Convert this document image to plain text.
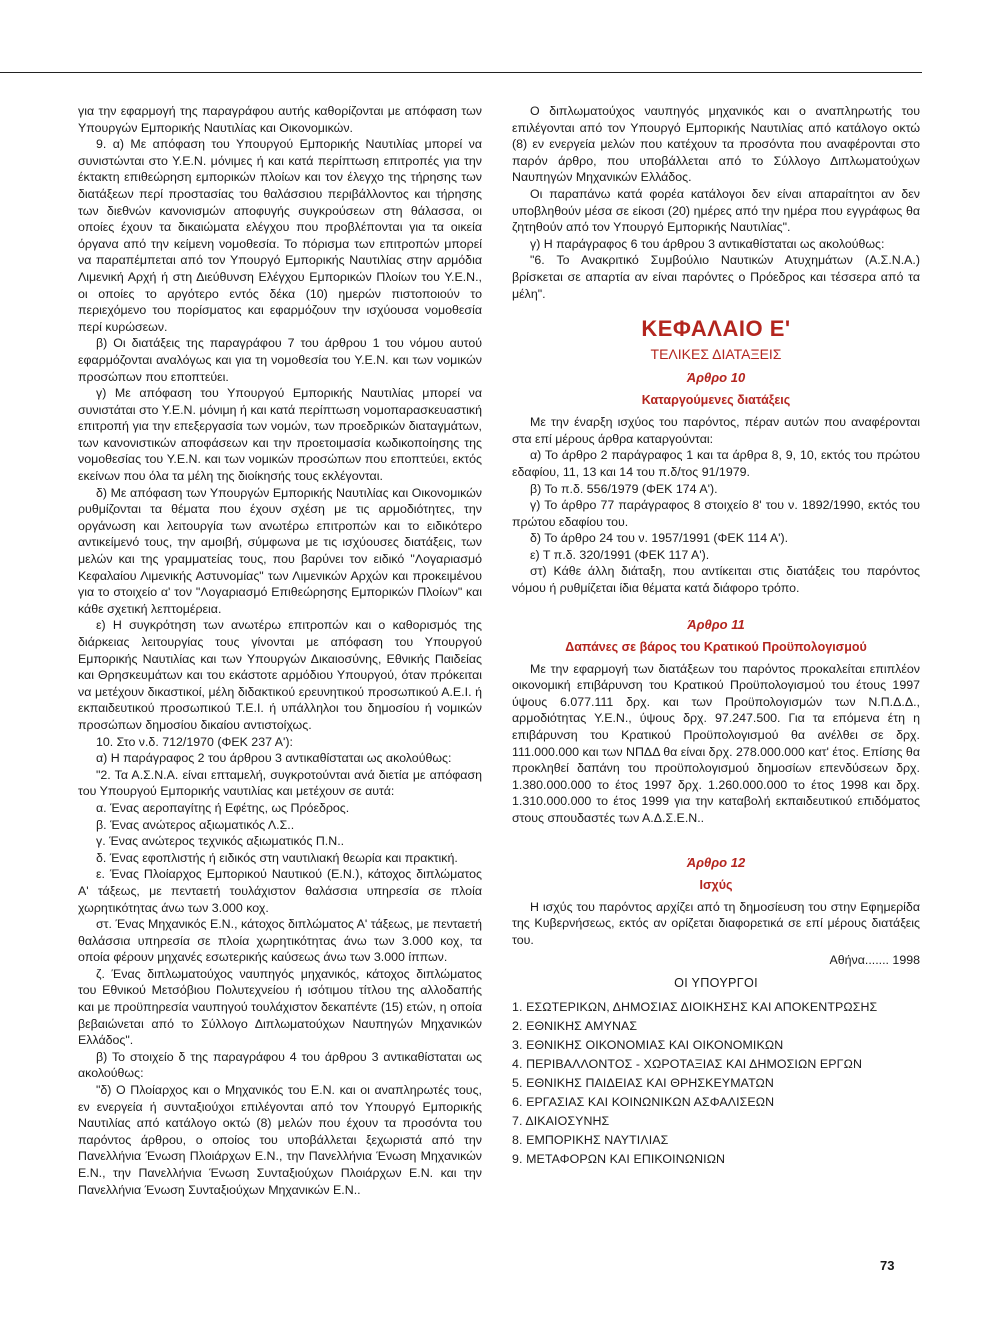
για την εφαρμογή της παραγράφου αυτής καθορίζονται με απόφαση των Υπουργών Εμπορικής Ναυτιλίας και Οικονομικών.

9. α) Με απόφαση του Υπουργού Εμπορικής Ναυτιλίας μπορεί να συνιστώνται στο Υ.Ε.Ν. μόνιμες ή και κατά περίπτωση επιτροπές για την έκτακτη επιθεώρηση εμπορικών πλοίων και τον έλεγχο της τήρησης των διατάξεων περί προστασίας του θαλάσσιου περιβάλλοντος και τήρησης των διεθνών κανονισμών αποφυγής συγκρούσεων στη θάλασσα, οι οποίες έχουν τα δικαιώματα ελέγχου που προβλέπονται για τα οικεία όργανα από την κείμενη νομοθεσία. Το πόρισμα των επιτροπών μπορεί να παραπέμπεται από τον Υπουργό Εμπορικής Ναυτιλίας στην αρμόδια Λιμενική Αρχή ή στη Διεύθυνση Ελέγχου Εμπορικών Πλοίων του Υ.Ε.Ν., οι οποίες το αργότερο εντός δέκα (10) ημερών πιστοποιούν το περιεχόμενο του πορίσματος και εφαρμόζουν την ισχύουσα νομοθεσία περί κυρώσεων.

β) Οι διατάξεις της παραγράφου 7 του άρθρου 1 του νόμου αυτού εφαρμόζονται αναλόγως και για τη νομοθεσία του Υ.Ε.Ν. και των νομικών προσώπων που εποπτεύει.

γ) Με απόφαση του Υπουργού Εμπορικής Ναυτιλίας μπορεί να συνιστάται στο Υ.Ε.Ν. μόνιμη ή και κατά περίπτωση νομοπαρασκευαστική επιτροπή για την επεξεργασία των νομών, των προεδρικών διαταγμάτων, των κανονιστικών αποφάσεων και την προετοιμασία κωδικοποίησης της νομοθεσίας του Υ.Ε.Ν. και των νομικών προσώπων που εποπτεύει, εκτός εκείνων που όλα τα μέλη της διοίκησής τους εκλέγονται.

δ) Με απόφαση των Υπουργών Εμπορικής Ναυτιλίας και Οικονομικών ρυθμίζονται τα θέματα που έχουν σχέση με τις αρμοδιότητες, την οργάνωση και λειτουργία των ανωτέρω επιτροπών και το ειδικότερο αντικείμενό τους, την αμοιβή, σύμφωνα με τις ισχύουσες διατάξεις, των μελών και της γραμματείας τους, που βαρύνει τον ειδικό "Λογαριασμό Κεφαλαίου Λιμενικής Αστυνομίας" των Λιμενικών Αρχών και προκειμένου για το στοιχείο α' τον "Λογαριασμό Επιθεώρησης Εμπορικών Πλοίων" και κάθε σχετική λεπτομέρεια.

ε) Η συγκρότηση των ανωτέρω επιτροπών και ο καθορισμός της διάρκειας λειτουργίας τους γίνονται με απόφαση του Υπουργού Εμπορικής Ναυτιλίας και των Υπουργών Δικαιοσύνης, Εθνικής Παιδείας και Θρησκευμάτων και του εκάστοτε αρμόδιου Υπουργού, όταν πρόκειται να μετέχουν δικαστικοί, μέλη διδακτικού ερευνητικού προσωπικού Α.Ε.Ι. ή εκπαιδευτικού προσωπικού Τ.Ε.Ι. ή υπάλληλοι του δημοσίου ή νομικών προσώπων δημοσίου δικαίου αντιστοίχως.

10. Στο ν.δ. 712/1970 (ΦΕΚ 237 Α'):

α) Η παράγραφος 2 του άρθρου 3 αντικαθίσταται ως ακολούθως:

"2. Τα Α.Σ.Ν.Α. είναι επταμελή, συγκροτούνται ανά διετία με απόφαση του Υπουργού Εμπορικής ναυτιλίας και μετέχουν σε αυτά:

α. Ένας αεροπαγίτης ή Εφέτης, ως Πρόεδρος.

β. Ένας ανώτερος αξιωματικός Λ.Σ..

γ. Ένας ανώτερος τεχνικός αξιωματικός Π.Ν..

δ. Ένας εφοπλιστής ή ειδικός στη ναυτιλιακή θεωρία και πρακτική.

ε. Ένας Πλοίαρχος Εμπορικού Ναυτικού (Ε.Ν.), κάτοχος διπλώματος Α' τάξεως, με πενταετή τουλάχιστον θαλάσσια υπηρεσία σε πλοία χωρητικότητας άνω των 3.000 κοχ.

στ. Ένας Μηχανικός Ε.Ν., κάτοχος διπλώματος Α' τάξεως, με πενταετή θαλάσσια υπηρεσία σε πλοία χωρητικότητας άνω των 3.000 κοχ, τα οποία φέρουν μηχανές εσωτερικής καύσεως άνω των 3.000 ίππων.

ζ. Ένας διπλωματούχος ναυπηγός μηχανικός, κάτοχος διπλώματος του Εθνικού Μετσόβιου Πολυτεχνείου ή ισότιμου τίτλου της αλλοδαπής και με προϋπηρεσία ναυπηγού τουλάχιστον δεκαπέντε (15) ετών, η οποία βεβαιώνεται από το Σύλλογο Διπλωματούχων Ναυπηγών Μηχανικών Ελλάδος".

β) Το στοιχείο δ της παραγράφου 4 του άρθρου 3 αντικαθίσταται ως ακολούθως:

"δ) Ο Πλοίαρχος και ο Μηχανικός του Ε.Ν. και οι αναπληρωτές τους, εν ενεργεία ή συνταξιούχοι επιλέγονται από τον Υπουργό Εμπορικής Ναυτιλίας από κατάλογο οκτώ (8) μελών που έχουν τα προσόντα του παρόντος άρθρου, ο οποίος του υποβάλλεται ξεχωριστά από την Πανελλήνια Ένωση Πλοιάρχων Ε.Ν., την Πανελλήνια Ένωση Μηχανικών Ε.Ν., την Πανελλήνια Ένωση Συνταξιούχων Πλοιάρχων Ε.Ν. και την Πανελλήνια Ένωση Συνταξιούχων Μηχανικών Ε.Ν..

Ο διπλωματούχος ναυπηγός μηχανικός και ο αναπληρωτής του επιλέγονται από τον Υπουργό Εμπορικής Ναυτιλίας από κατάλογο οκτώ (8) εν ενεργεία μελών που κατέχουν τα προσόντα που αναφέρονται στο παρόν άρθρο, που υποβάλλεται από το Σύλλογο Διπλωματούχων Ναυπηγών Μηχανικών Ελλάδος.

Οι παραπάνω κατά φορέα κατάλογοι δεν είναι απαραίτητοι αν δεν υποβληθούν μέσα σε είκοσι (20) ημέρες από την ημέρα που εγγράφως θα ζητηθούν από τον Υπουργό Εμπορικής Ναυτιλίας".

γ) Η παράγραφος 6 του άρθρου 3 αντικαθίσταται ως ακολούθως:

"6. Το Ανακριτικό Συμβούλιο Ναυτικών Ατυχημάτων (Α.Σ.Ν.Α.) βρίσκεται σε απαρτία αν είναι παρόντες ο Πρόεδρος και τέσσερα από τα μέλη".

ΚΕΦΑΛΑΙΟ Ε'

ΤΕΛΙΚΕΣ ΔΙΑΤΑΞΕΙΣ

Άρθρο 10

Καταργούμενες διατάξεις

Με την έναρξη ισχύος του παρόντος, πέραν αυτών που αναφέρονται στα επί μέρους άρθρα καταργούνται:

α) Το άρθρο 2 παράγραφος 1 και τα άρθρα 8, 9, 10, εκτός του πρώτου εδαφίου, 11, 13 και 14 του π.δ/τος 91/1979.

β) Το π.δ. 556/1979 (ΦΕΚ 174 Α').

γ) Το άρθρο 77 παράγραφος 8 στοιχείο 8' του ν. 1892/1990, εκτός του πρώτου εδαφίου του.

δ) Το άρθρο 24 του ν. 1957/1991 (ΦΕΚ 114 Α').

ε) Τ π.δ. 320/1991 (ΦΕΚ 117 Α').

στ) Κάθε άλλη διάταξη, που αντίκειται στις διατάξεις του παρόντος νόμου ή ρυθμίζεται ίδια θέματα κατά διάφορο τρόπο.

Άρθρο 11

Δαπάνες σε βάρος του Κρατικού Προϋπολογισμού

Με την εφαρμογή των διατάξεων του παρόντος προκαλείται επιπλέον οικονομική επιβάρυνση του Κρατικού Προϋπολογισμού του έτους 1997 ύψους 6.077.111 δρχ. και των Προϋπολογισμών των Ν.Π.Δ.Δ., αρμοδιότητας Υ.Ε.Ν., ύψους δρχ. 97.247.500. Για τα επόμενα έτη η επιβάρυνση του Κρατικού Προϋπολογισμού θα ανέλθει σε δρχ. 111.000.000 και των ΝΠΔΔ θα είναι δρχ. 278.000.000 κατ' έτος. Επίσης θα προκληθεί δαπάνη του προϋπολογισμού δημοσίων επενδύσεων δρχ. 1.380.000.000 το έτος 1997 δρχ. 1.260.000.000 το έτος 1998 και δρχ. 1.310.000.000 το έτος 1999 για την καταβολή εκπαιδευτικού επιδόματος στους σπουδαστές των Α.Δ.Σ.Ε.Ν..

Άρθρο 12

Ισχύς

Η ισχύς του παρόντος αρχίζει από τη δημοσίευση του στην Εφημερίδα της Κυβερνήσεως, εκτός αν ορίζεται διαφορετικά σε επί μέρους διατάξεις του.

Αθήνα....... 1998

ΟΙ ΥΠΟΥΡΓΟΙ

1. ΕΣΩΤΕΡΙΚΩΝ, ΔΗΜΟΣΙΑΣ ΔΙΟΙΚΗΣΗΣ ΚΑΙ ΑΠΟΚΕΝΤΡΩΣΗΣ
2. ΕΘΝΙΚΗΣ ΑΜΥΝΑΣ
3. ΕΘΝΙΚΗΣ ΟΙΚΟΝΟΜΙΑΣ ΚΑΙ ΟΙΚΟΝΟΜΙΚΩΝ
4. ΠΕΡΙΒΑΛΛΟΝΤΟΣ - ΧΩΡΟΤΑΞΙΑΣ ΚΑΙ ΔΗΜΟΣΙΩΝ ΕΡΓΩΝ
5. ΕΘΝΙΚΗΣ ΠΑΙΔΕΙΑΣ ΚΑΙ ΘΡΗΣΚΕΥΜΑΤΩΝ
6. ΕΡΓΑΣΙΑΣ ΚΑΙ ΚΟΙΝΩΝΙΚΩΝ ΑΣΦΑΛΙΣΕΩΝ
7. ΔΙΚΑΙΟΣΥΝΗΣ
8. ΕΜΠΟΡΙΚΗΣ ΝΑΥΤΙΛΙΑΣ
9. ΜΕΤΑΦΟΡΩΝ ΚΑΙ ΕΠΙΚΟΙΝΩΝΙΩΝ
73
